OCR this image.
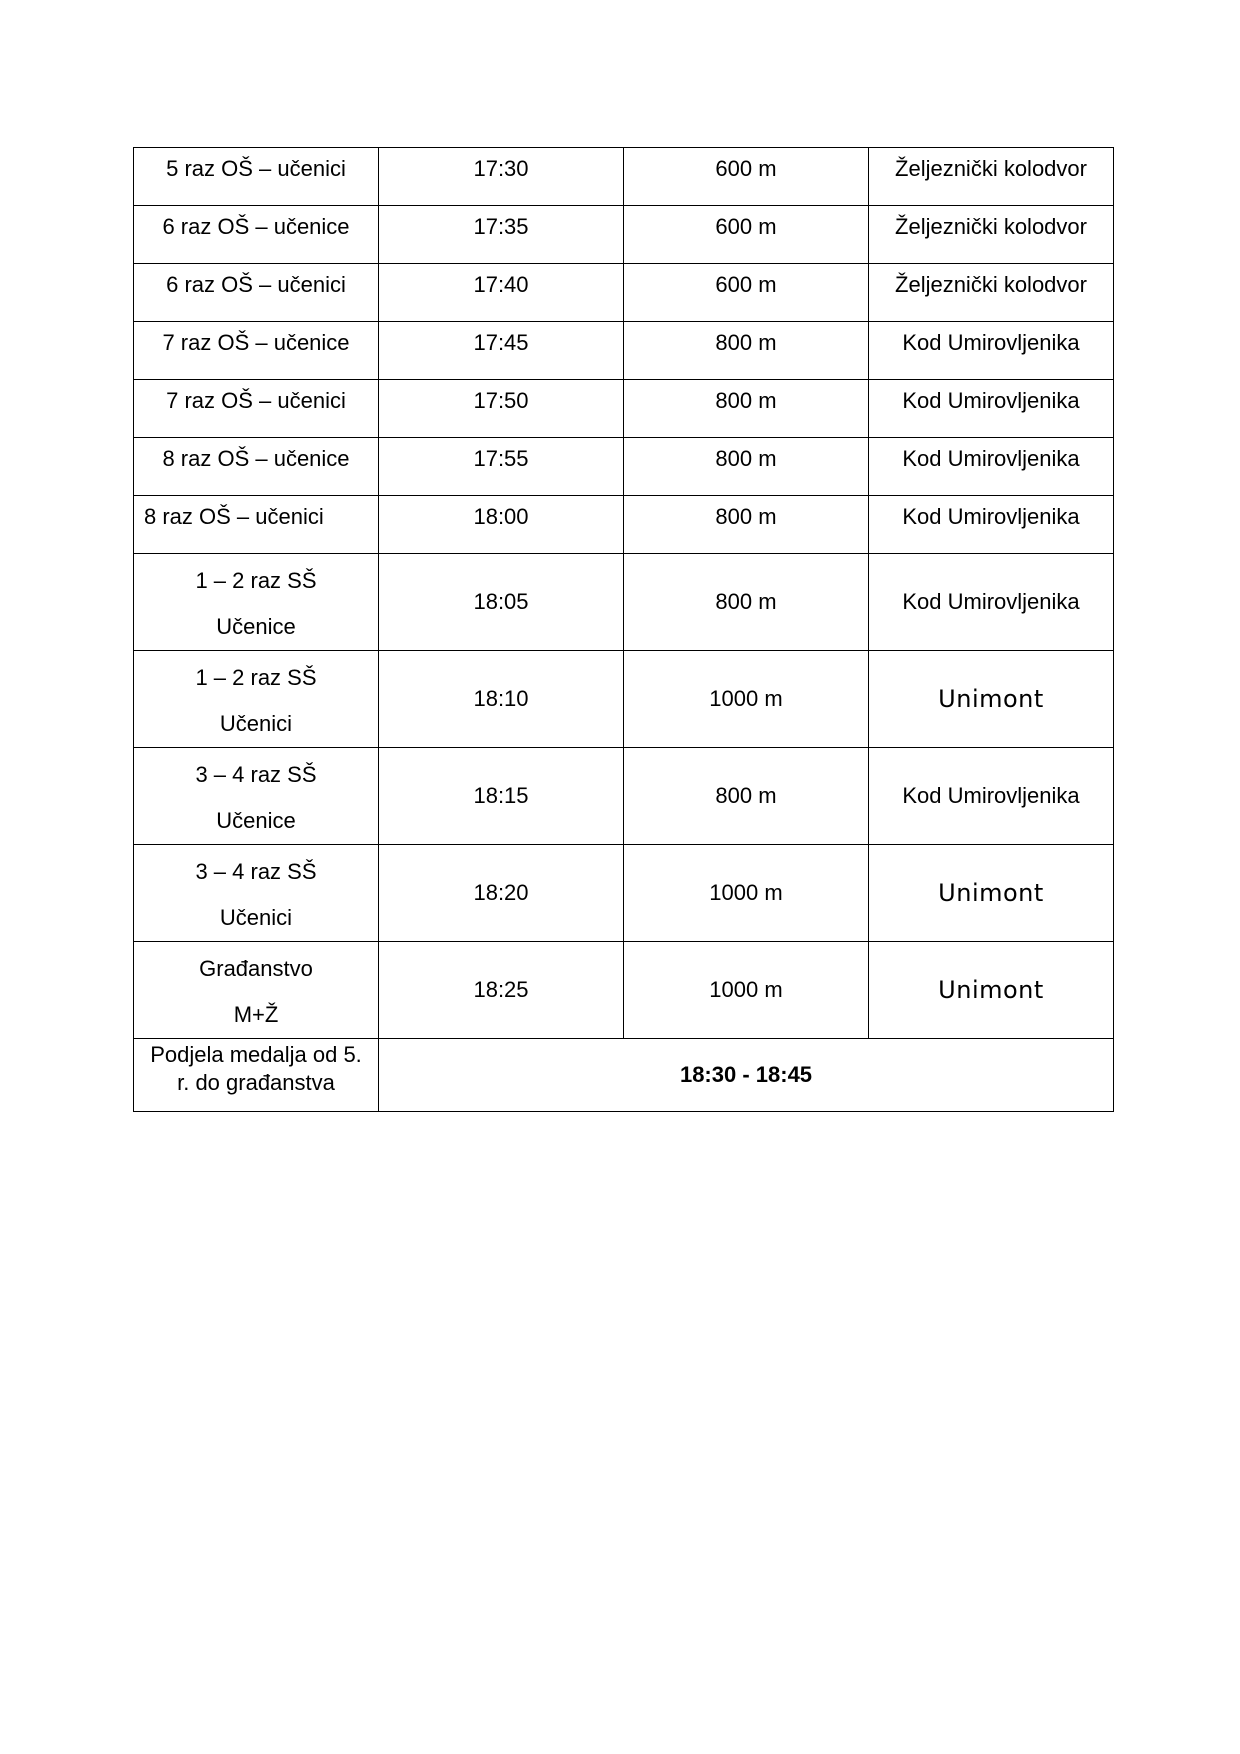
5 raz OŠ – učenici	17:30	600 m	Željeznički kolodvor
6 raz OŠ – učenice	17:35	600 m	Željeznički kolodvor
6 raz OŠ – učenici	17:40	600 m	Željeznički kolodvor
7 raz OŠ – učenice	17:45	800 m	Kod Umirovljenika
7 raz OŠ – učenici	17:50	800 m	Kod Umirovljenika
8 raz OŠ – učenice	17:55	800 m	Kod Umirovljenika
8 raz OŠ – učenici	18:00	800 m	Kod Umirovljenika

1 – 2 raz SŠ
Učenice	18:05	800 m	Kod Umirovljenika

1 – 2 raz SŠ
Učenici	18:10	1000 m	Unimont

3 – 4 raz SŠ
Učenice	18:15	800 m	Kod Umirovljenika

3 – 4 raz SŠ
Učenici	18:20	1000 m	Unimont

Građanstvo
M+Ž	18:25	1000 m	Unimont

Podjela medalja od 5.
r. do građanstva	18:30 - 18:45		
